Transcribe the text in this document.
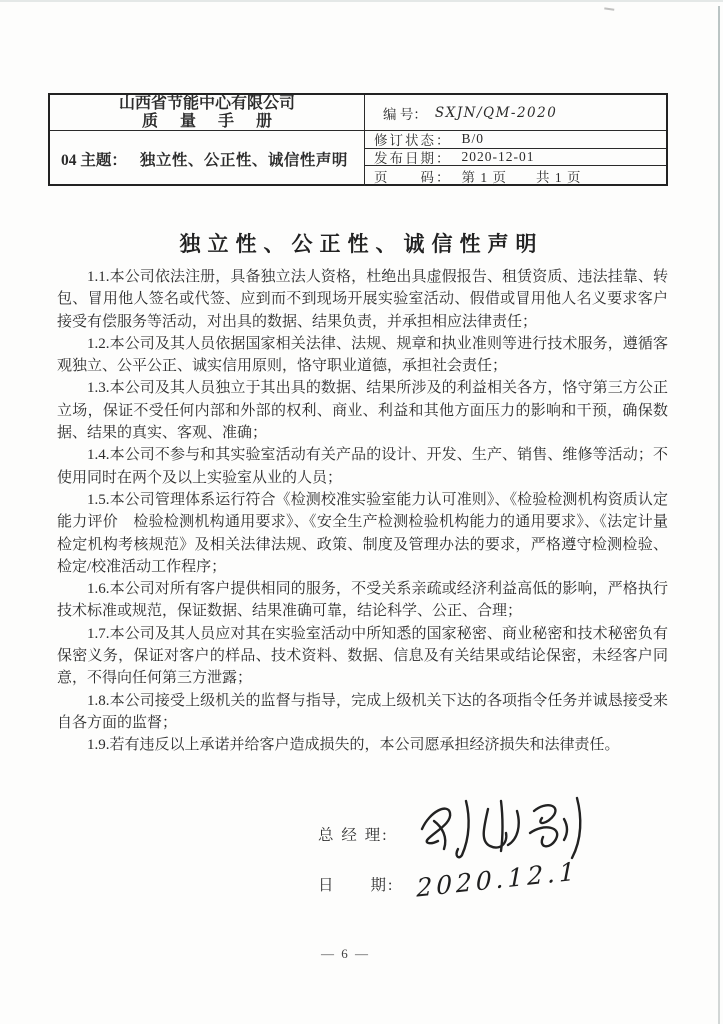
山西省节能中心有限公司
质 量 手 册
04 主题： 独立性、公正性、诚信性声明
编 号： SXJN/QM-2020
修订状态： B/0
发布日期： 2020-12-01
页　　码： 第 1 页　　共 1 页
独立性、公正性、诚信性声明

1.1.本公司依法注册，具备独立法人资格，杜绝出具虚假报告、租赁资质、违法挂靠、转包、冒用他人签名或代签、应到而不到现场开展实验室活动、假借或冒用他人名义要求客户接受有偿服务等活动，对出具的数据、结果负责，并承担相应法律责任；

1.2.本公司及其人员依据国家相关法律、法规、规章和执业准则等进行技术服务，遵循客观独立、公平公正、诚实信用原则，恪守职业道德，承担社会责任；

1.3.本公司及其人员独立于其出具的数据、结果所涉及的利益相关各方，恪守第三方公正立场，保证不受任何内部和外部的权利、商业、利益和其他方面压力的影响和干预，确保数据、结果的真实、客观、准确；

1.4.本公司不参与和其实验室活动有关产品的设计、开发、生产、销售、维修等活动；不使用同时在两个及以上实验室从业的人员；

1.5.本公司管理体系运行符合《检测校准实验室能力认可准则》、《检验检测机构资质认定能力评价　检验检测机构通用要求》、《安全生产检测检验机构能力的通用要求》、《法定计量检定机构考核规范》及相关法律法规、政策、制度及管理办法的要求，严格遵守检测检验、检定/校准活动工作程序；

1.6.本公司对所有客户提供相同的服务，不受关系亲疏或经济利益高低的影响，严格执行技术标准或规范，保证数据、结果准确可靠，结论科学、公正、合理；

1.7.本公司及其人员应对其在实验室活动中所知悉的国家秘密、商业秘密和技术秘密负有保密义务，保证对客户的样品、技术资料、数据、信息及有关结果或结论保密，未经客户同意，不得向任何第三方泄露；

1.8.本公司接受上级机关的监督与指导，完成上级机关下达的各项指令任务并诚恳接受来自各方面的监督；

1.9.若有违反以上承诺并给客户造成损失的，本公司愿承担经济损失和法律责任。

总 经 理:
日　　期: 2020.12.1
— 6 —
